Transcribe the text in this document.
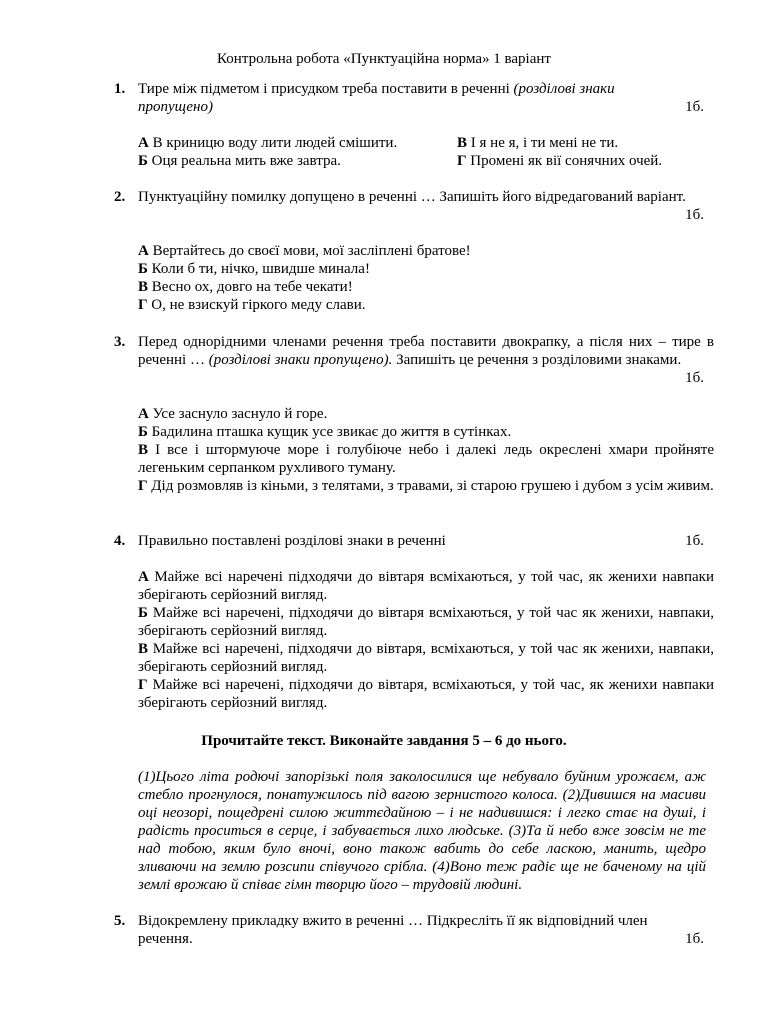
Контрольна робота «Пунктуаційна норма» 1 варіант
1. Тире між підметом і присудком треба поставити в реченні (розділові знаки пропущено)	1б.
А В криницю воду лити людей смішити.	В І я не я, і ти мені не ти.
Б Оця реальна мить вже завтра.	Г Промені як вії сонячних очей.
2. Пунктуаційну помилку допущено в реченні … Запишіть його відредагований варіант.
1б.
А Вертайтесь до своєї мови, мої засліплені братове!
Б Коли б ти, нічко, швидше минала!
В Весно ох, довго на тебе чекати!
Г О, не взискуй гіркого меду слави.
3. Перед однорідними членами речення треба поставити двокрапку, а після них – тире в реченні … (розділові знаки пропущено). Запишіть це речення з розділовими знаками.
1б.
А Усе заснуло заснуло й горе.
Б Бадилина пташка кущик усе звикає до життя в сутінках.
В І все і штормуюче море і голубіюче небо і далекі ледь окреслені хмари пройняте легеньким серпанком рухливого туману.
Г Дід розмовляв із кіньми, з телятами, з травами, зі старою грушею і дубом з усім живим.
4. Правильно поставлені розділові знаки в реченні	1б.
А Майже всі наречені підходячи до вівтаря всміхаються, у той час, як женихи навпаки зберігають серйозний вигляд.
Б Майже всі наречені, підходячи до вівтаря всміхаються, у той час як женихи, навпаки, зберігають серйозний вигляд.
В Майже всі наречені, підходячи до вівтаря, всміхаються, у той час як женихи, навпаки, зберігають серйозний вигляд.
Г Майже всі наречені, підходячи до вівтаря, всміхаються, у той час, як женихи навпаки зберігають серйозний вигляд.
Прочитайте текст. Виконайте завдання 5 – 6 до нього.
(1)Цього літа родючі запорізькі поля заколосилися ще небувало буйним урожаєм, аж стебло прогнулося, понатужилось під вагою зернистого колоса. (2)Дивишся на масиви оці неозорі, пощедрені силою життєдайною – і не надивишся: і легко стає на душі, і радість проситься в серце, і забувається лихо людське. (3)Та й небо вже зовсім не те над тобою, яким було вночі, воно також вабить до себе ласкою, манить, щедро зливаючи на землю розсипи співучого срібла. (4)Воно теж радіє ще не баченому на цій землі врожаю й співає гімн творцю його – трудовій людині.
5. Відокремлену прикладку вжито в реченні … Підкресліть її як відповідний член речення.	1б.
